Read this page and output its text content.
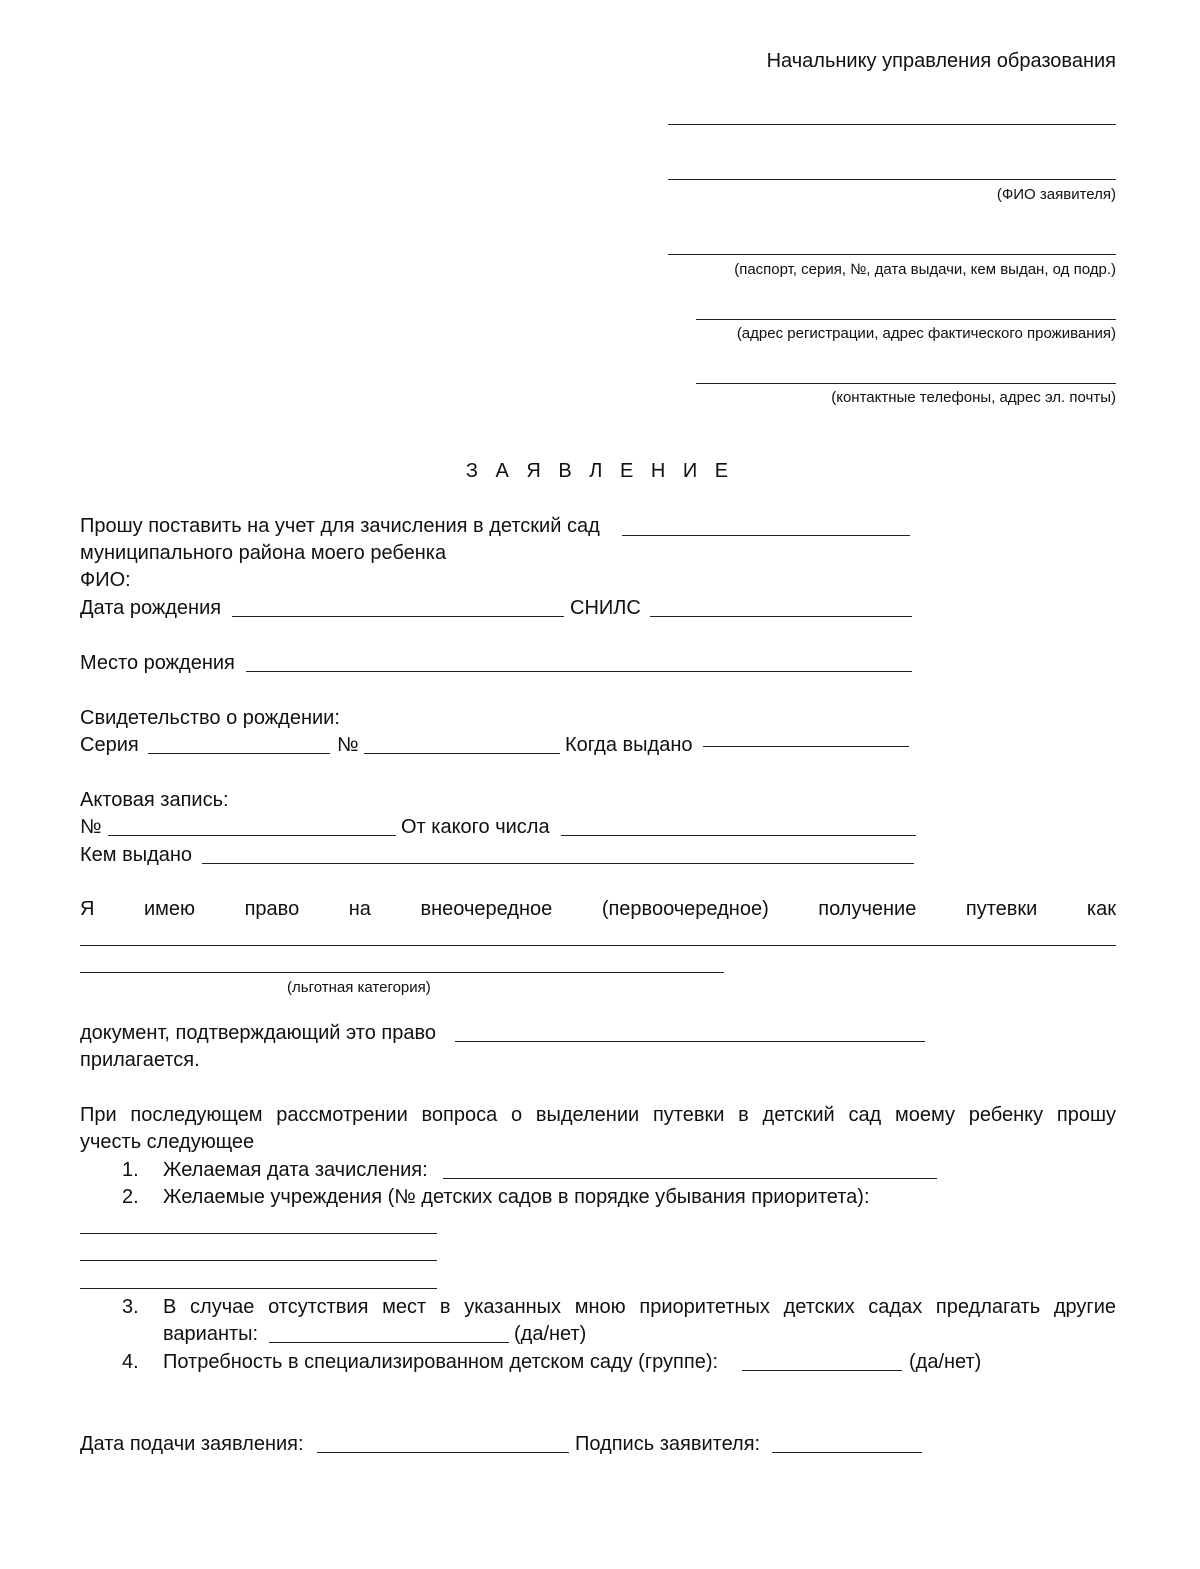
Начальнику управления образования
(ФИО заявителя)
(паспорт, серия, №, дата выдачи, кем выдан, од подр.)
(адрес регистрации, адрес фактического проживания)
(контактные телефоны, адрес эл. почты)
З А Я В Л Е Н И Е
Прошу поставить на учет для зачисления в детский сад
муниципального района моего ребенка
ФИО:
Дата рождения	СНИЛС
Место рождения
Свидетельство о рождении:
Серия	№	Когда выдано
Актовая запись:
№	От какого числа
Кем выдано
Я имею право на внеочередное (первоочередное) получение путевки как
(льготная категория)
документ, подтверждающий это право
прилагается.
При последующем рассмотрении вопроса о выделении путевки в детский сад моему ребенку прошу
учесть следующее
1. Желаемая дата зачисления:
2. Желаемые учреждения (№ детских садов в порядке убывания приоритета):
3. В случае отсутствия мест в указанных мною приоритетных детских садах предлагать другие
варианты:	(да/нет)
4. Потребность в специализированном детском саду (группе):	(да/нет)
Дата подачи заявления:	Подпись заявителя:
